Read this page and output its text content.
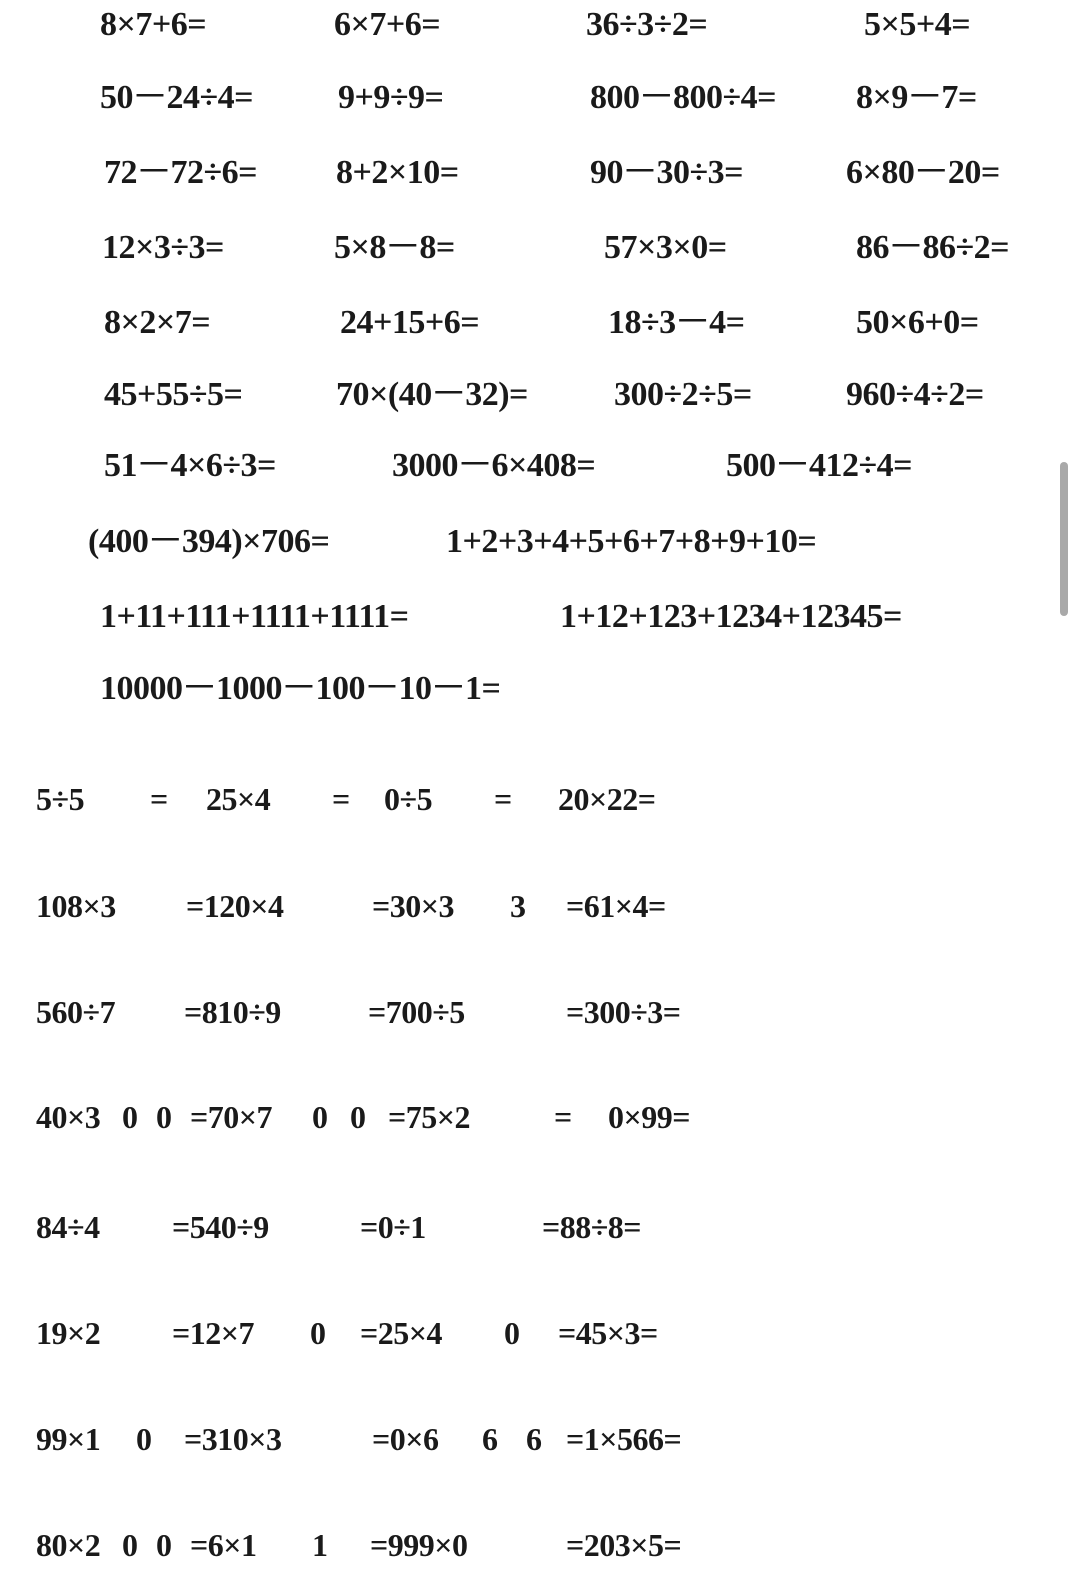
8×7+6=	6×7+6=	36÷3÷2=	5×5+4=
50－24÷4= 9+9÷9=	800－800÷4= 8×9－7=
72－72÷6= 8+2×10=	90－30÷3=	6×80－20=
12×3÷3=	5×8－8=	57×3×0=	86－86÷2=
8×2×7=	24+15+6=	18÷3－4=	50×6+0=
45+55÷5=	70×(40－32)=	300÷2÷5=	960÷4÷2=
51－4×6÷3=	3000－6×408=	500－412÷4=
(400－394)×706=	1+2+3+4+5+6+7+8+9+10=
1+11+111+1111+1111=	1+12+123+1234+12345=
10000－1000－100－10－1=
5÷5 = 25×4 = 0÷5 = 20×22=
108×3 =120×4	=30×3 3 =61×4=
560÷7 =810÷9	=700÷5	=300÷3=
40×3 0 0 =70×7 0 0 =75×2	= 0×99=
84÷4 =540÷9	=0÷1	=88÷8=
19×2 =12×7 0 =25×4 0 =45×3=
99×1 0 =310×3	=0×6 6 6 =1×566=
80×2 0 0 =6×1 1 =999×0	=203×5=
